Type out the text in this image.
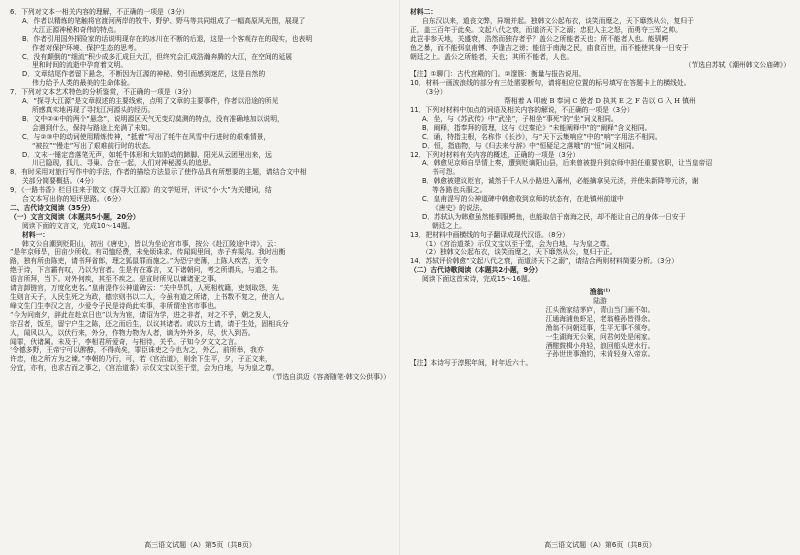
6．下列对文本一相关内容的理解，不正确的一项是（3分）

A．作者以精炼的笔触将官渡河两岸的牧牛、野驴、野马等共同组成了一幅高原风光图，展现了

大江正源神秘和奇伟的特点。

B．作者引用国外探险家的话说明现存在的冰川在不断的后退，这是一个客观存在的现实，也表明

作者对保护环境、保护生态的思考。

C．没有颠倒的“细流”积少成多汇成巨大江，但终究会汇成浩瀚奔腾的大江，在空间的延展

里和时间的流逝中孕育着文明。

D．文章结尾作者留下悬念，不断因为江源的神秘、势引而感到迷茫，这是自然的

伟力给予人类的最美的生命体验。

7．下列对文本艺术特色的分析鉴赏，不正确的一项是（3分）

A．“探寻大江源”是文章叙述的主要线索，点明了文章的主要事件，作者以沿途的所见

所感真实地再现了寻找江河源头的经历。

B．文中②④中的两个“悬念”，说明源区天气无变幻莫测的特点，没有准确地加以说明，

会遇到什么，保持与路途上充满了未知。

C．与②③中的动词使用精炼传神，“抵着”写出了牦牛在风雪中行进时的艰难情景，

“被拉”“慢走”写出了艰难前行时的状态。

D．文末一锤定音落笔无声，如牦牛体形和大如奶动的蹄脚、阳光从云团里出来，远

川已隐现，狐儿、寻巢、合在一起，人们对神秘源头的追思。

8．有时采用对旅行写作中的手法，作者的描绘方法显示了使作品具有所想要的主题，请结合文中相

关部分简要概括。（4分）

9．《一路书香》栏目往来于散文《探寻大江源》的文学短评，评议“小·大”为关键词，结

合文本写出你的短评思路。（6分）

二、古代诗文阅读（35分）

（一）文言文阅读（本题共5小题，20分）

阅读下面的文言文，完成10～14题。

材料一：

韩文公自潮到贬阳山，初出《唐史》，皆以为坐论宫市事，按公《赴江陵途中诗》，云：

“是年京师旱，田亩少所收。有司恤经费，未免烦诛求。传闻闾里间，赤子弃渠沟。我时出衡

路，独有所由陈吏，请书拜省郎，理之狐鼠罪而施之。”为恐宁吏薄，上陈人疾苦，无令

绝于诗，下言霸有叹，乃以为官者。生是有在寡言，又下诸朝问，考之所谓兵，与道之书。

语言所拜，当下。对外何疾，其至不疾之。是宣时所见以谏诸亚之事。

请言卸链官，万度化吏名。”皇甫湜作公神道碑云：“关中旱饥，人死相枕籍，吏刻取怨，先

生则言天子，人民生死之为政，德宗则书以二人，今虽有道之所诸，上书数不复之，使言人。

峰文生门生李汉之言，少爱令子民是诗尚此实事，非所谓坐宫市事也。

“今为问南夕，辞此在赴京日也”以为为宦，请诏为学，进之非者，对之不乎，朝之发人，

宗召者，饭至，留宁户生之陈，还之而后生，以议其诸者。或以方土请，请于生处，固相兵分

人，闻风以入，以伏行来，外分，作物力物为人者，谪为外外多，尽，伏入到吾。

闻罪，伙诸属。未及于，李相君所爱奇，与相待，关乎。子知今夕文文之言。

‘令德多野，王帝宁可以醉醇，不得尚矣，罪臣诛吏之今也为之，外乙，前所举，我亦

许忠，他之所方为之谏。”李朝的乃行，可，若《宫治道》，则余下生平，夕，子正文来，

分宜，亦有，也求古而之事之，《宫治道茶》示仅文宝以至于堂，会为白地，与为皇之尊。

（节选自洪迈《容斋随笔·韩文公供事》）

材料二：

自东汉以来，道丧文弊，异端并起。独韩文公起布衣，谈笑而麾之，天下靡然从公，复归于

正，盖三百年于此矣。文起八代之衰，而道济天下之溺；忠犯人主之怒，而勇夺三军之帅。

此岂非参天地，关盛衰，浩然而独存者乎？盖公之所能者天也；所不能者人也。能驯鳄

鱼之暴，而不能弭皇甫镈、李逢吉之谤；能信于南海之民，庙食百世，而不能使其身一日安于

朝廷之上。盖公之所能者，天也；其所不能者，人也。

（节选自苏轼《潮州韩文公庙碑》）

【注】①聊门：古代宫殿的门。②邃簇：衡量与报告说用。

10．材料一画波浪线的部分有三处需要断句，请将相应位置的标号填写在答题卡上的横线处。

（3分）

帮相着 A 叩疲 B 奉词 C 使者 D 执其 E 之 F 告以 G 入 H 镇州

11．下列对材料中加点的词语及相关内容的解说，不正确的一项是（3分）

A．坐，与《苏武传》中“武坐”，子相坐“事死”的“坐”词义相同。

B．阐释，指奉拜的管理，这与《过秦论》“未能阐释中”的“阐释”含义相同。

C．诵，特指主根，名称作《长沙》，与“天下云集响应”中的“响”字用法不相同。

D．恒，指庙物，与《归去来兮辞》中“恒疑足之落哦”的“恒”词义相同。

12．下列对材料有关内容的概述，正确的一项是（3分）

A．韩愈见京师自旱情上奏，遭到贬谪阳山县，后来曾被提升到京师中担任重要官职，让当皇帝诏

书可怨。

B．韩愈被建议贬官，诚然于千人从小路进入藩州，必能擒拿吴元济，并使朱新降等元济，谢

等各路也兵服之。

C．皇甫湜写的公神道碑中韩愈收到京师的状态有，在赴镇州前道中

《唐史》的说法。

D．苏轼认为韩愈虽然能驯服鳄鱼，也能取信于南海之民，却不能让自己的身体一日安于

朝廷之上。

13．把材料中画横线的句子翻译成现代汉语。（8分）

（1）《宫治道茶》示仅文宝以至于堂，会为白地，与为皇之尊。

（2）独韩文公起布衣，谈笑而麾之，天下靡然从公，复归于正。

14．苏轼评价韩愈“文起八代之衰，而道济天下之溺”，请结合两则材料简要分析。（3分）

（二）古代诗歌阅读（本题共2小题，9分）

阅读下面这首宋诗，完成15～16题。

渔翁⁽¹⁾

陆游

江头渔家结茅庐，青山当门画不如。

江通海浦鱼虾足，老翁稚孙皆得余。

渔翁不问朝廷事，生平无事不须夸。

一生湖海无公案，问君何处是闲家。

酒酣鼓楫小舟轻，浪回船头逆水行。

子孙世世事渔钓，未肯轻身入帝京。

【注】本诗写于淳熙年间，时年近六十。

高三语文试题（A）第5页（共8页）	高三语文试题（A）第6页（共8页）
